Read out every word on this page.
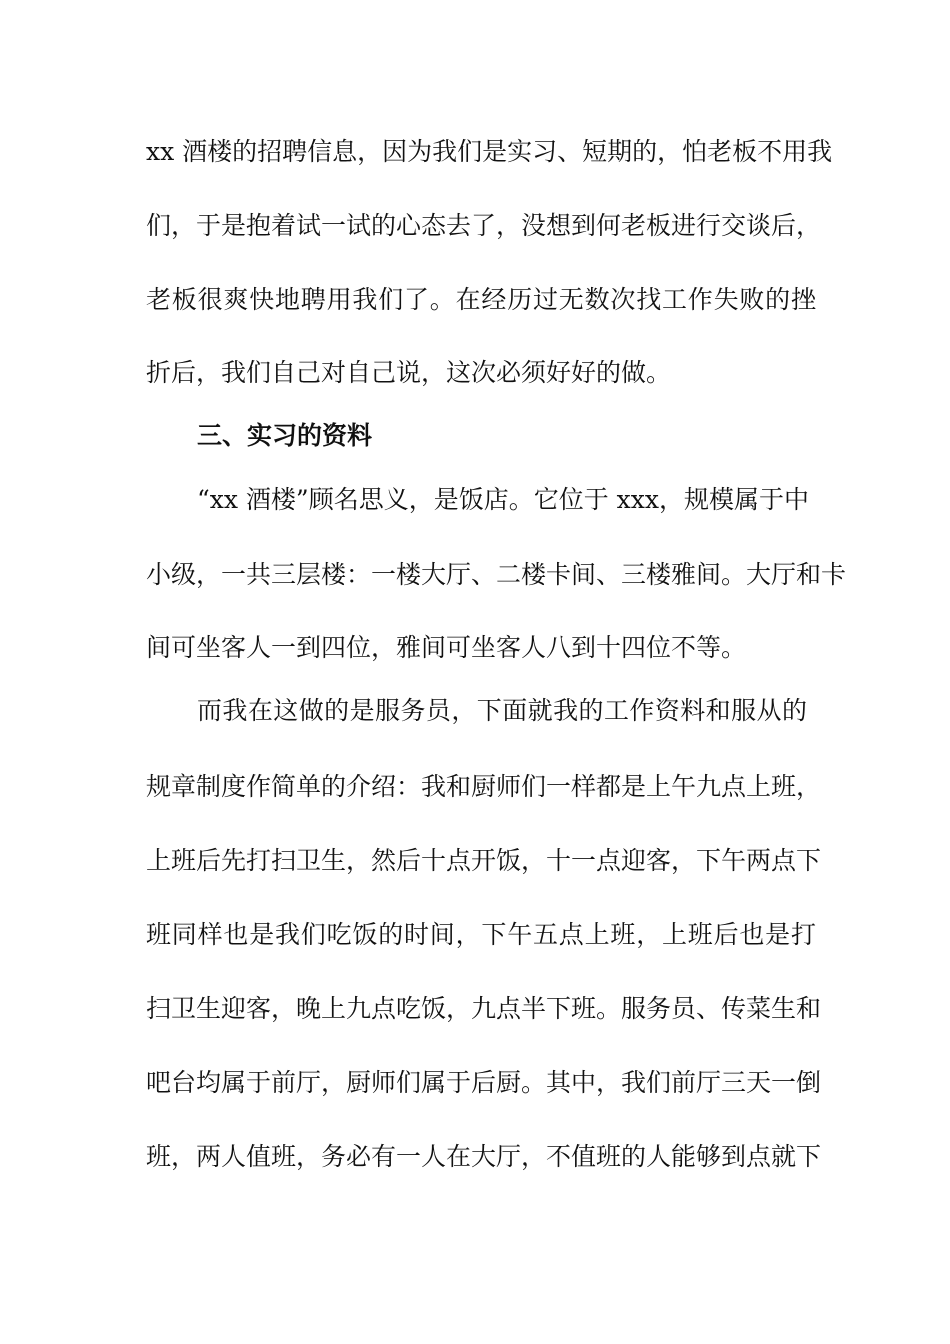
xx 酒楼的招聘信息，因为我们是实习、短期的，怕老板不用我
们，于是抱着试一试的心态去了，没想到何老板进行交谈后，
老板很爽快地聘用我们了。在经历过无数次找工作失败的挫
折后，我们自己对自己说，这次必须好好的做。
三、实习的资料
“xx 酒楼”顾名思义，是饭店。它位于 xxx，规模属于中
小级，一共三层楼：一楼大厅、二楼卡间、三楼雅间。大厅和卡
间可坐客人一到四位，雅间可坐客人八到十四位不等。
而我在这做的是服务员，下面就我的工作资料和服从的
规章制度作简单的介绍：我和厨师们一样都是上午九点上班，
上班后先打扫卫生，然后十点开饭，十一点迎客，下午两点下
班同样也是我们吃饭的时间，下午五点上班，上班后也是打
扫卫生迎客，晚上九点吃饭，九点半下班。服务员、传菜生和
吧台均属于前厅，厨师们属于后厨。其中，我们前厅三天一倒
班，两人值班，务必有一人在大厅，不值班的人能够到点就下
